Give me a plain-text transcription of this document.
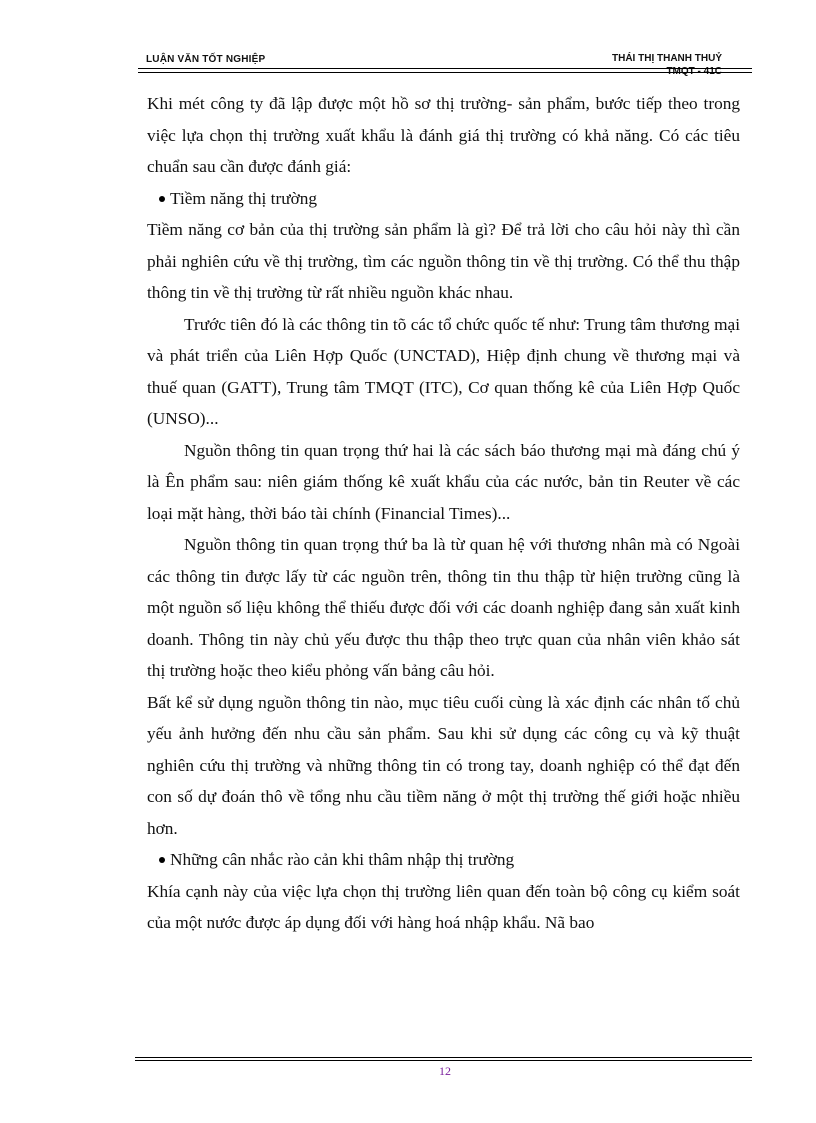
LUẬN VĂN TỐT NGHIỆP	THÁI THỊ THANH THUỶ
TMQT - 41C

Khi mét công ty đã lập được một hồ sơ thị trường- sản phẩm, bước tiếp theo trong việc lựa chọn thị trường xuất khẩu là đánh giá thị trường có khả năng. Có các tiêu chuẩn sau cần được đánh giá:

Tiềm năng thị trường

Tiềm năng cơ bản của thị trường sản phẩm là gì? Để trả lời cho câu hỏi này thì cần phải nghiên cứu về thị trường, tìm các nguồn thông tin về thị trường. Có thể thu thập thông tin về thị trường từ rất nhiều nguồn khác nhau.

Trước tiên đó là các thông tin tõ các tổ chức quốc tế như: Trung tâm thương mại và phát triển của Liên Hợp Quốc (UNCTAD), Hiệp định chung về thương mại và thuế quan (GATT), Trung tâm TMQT (ITC), Cơ quan thống kê của Liên Hợp Quốc (UNSO)...

Nguồn thông tin quan trọng thứ hai là các sách báo thương mại mà đáng chú ý là Ên phẩm sau: niên giám thống kê xuất khẩu của các nước, bản tin Reuter về các loại mặt hàng, thời báo tài chính (Financial Times)...

Nguồn thông tin quan trọng thứ ba là từ quan hệ với thương nhân mà có Ngoài các thông tin được lấy từ các nguồn trên, thông tin thu thập từ hiện trường cũng là một nguồn số liệu không thể thiếu được đối với các doanh nghiệp đang sản xuất kinh doanh. Thông tin này chủ yếu được thu thập theo trực quan của nhân viên khảo sát thị trường hoặc theo kiểu phỏng vấn bảng câu hỏi.

Bất kể sử dụng nguồn thông tin nào, mục tiêu cuối cùng là xác định các nhân tố chủ yếu ảnh hưởng đến nhu cầu sản phẩm. Sau khi sử dụng các công cụ và kỹ thuật nghiên cứu thị trường và những thông tin có trong tay, doanh nghiệp có thể đạt đến con số dự đoán thô về tổng nhu cầu tiềm năng ở một thị trường thế giới hoặc nhiều hơn.

Những cân nhắc rào cản khi thâm nhập thị trường

Khía cạnh này của việc lựa chọn thị trường liên quan đến toàn bộ công cụ kiểm soát của một nước được áp dụng đối với hàng hoá nhập khẩu. Nã bao

12
